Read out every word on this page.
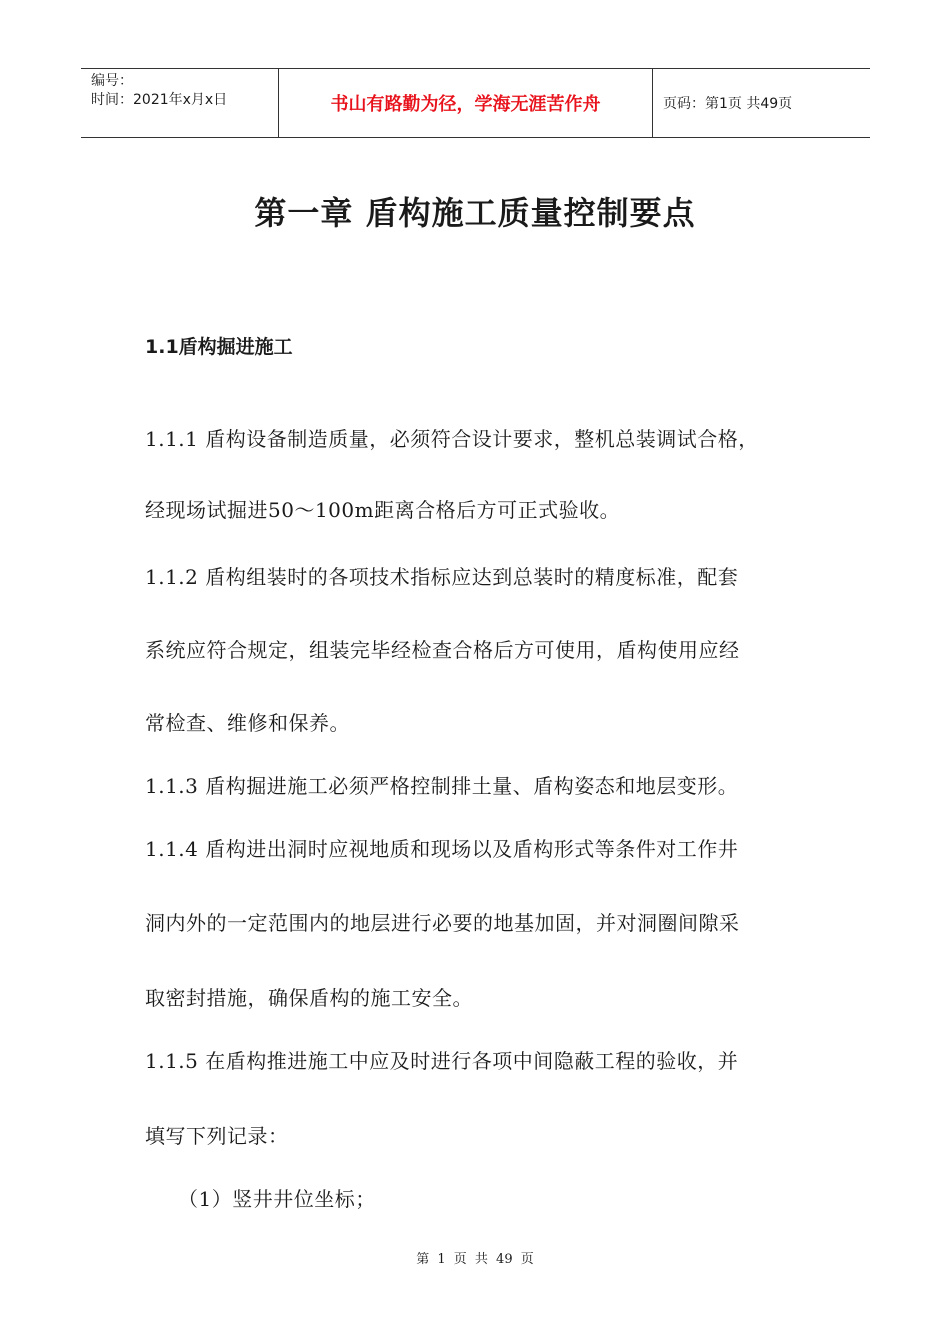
编号：
时间：2021年x月x日	书山有路勤为径，学海无涯苦作舟	页码：第1页 共49页
第一章 盾构施工质量控制要点
1.1盾构掘进施工
1.1.1 盾构设备制造质量，必须符合设计要求，整机总装调试合格，
经现场试掘进50～100m距离合格后方可正式验收。
1.1.2 盾构组装时的各项技术指标应达到总装时的精度标准，配套
系统应符合规定，组装完毕经检查合格后方可使用，盾构使用应经
常检查、维修和保养。
1.1.3 盾构掘进施工必须严格控制排土量、盾构姿态和地层变形。
1.1.4 盾构进出洞时应视地质和现场以及盾构形式等条件对工作井
洞内外的一定范围内的地层进行必要的地基加固，并对洞圈间隙采
取密封措施，确保盾构的施工安全。
1.1.5 在盾构推进施工中应及时进行各项中间隐蔽工程的验收，并
填写下列记录：
（1）竖井井位坐标；
第 1 页 共 49 页
